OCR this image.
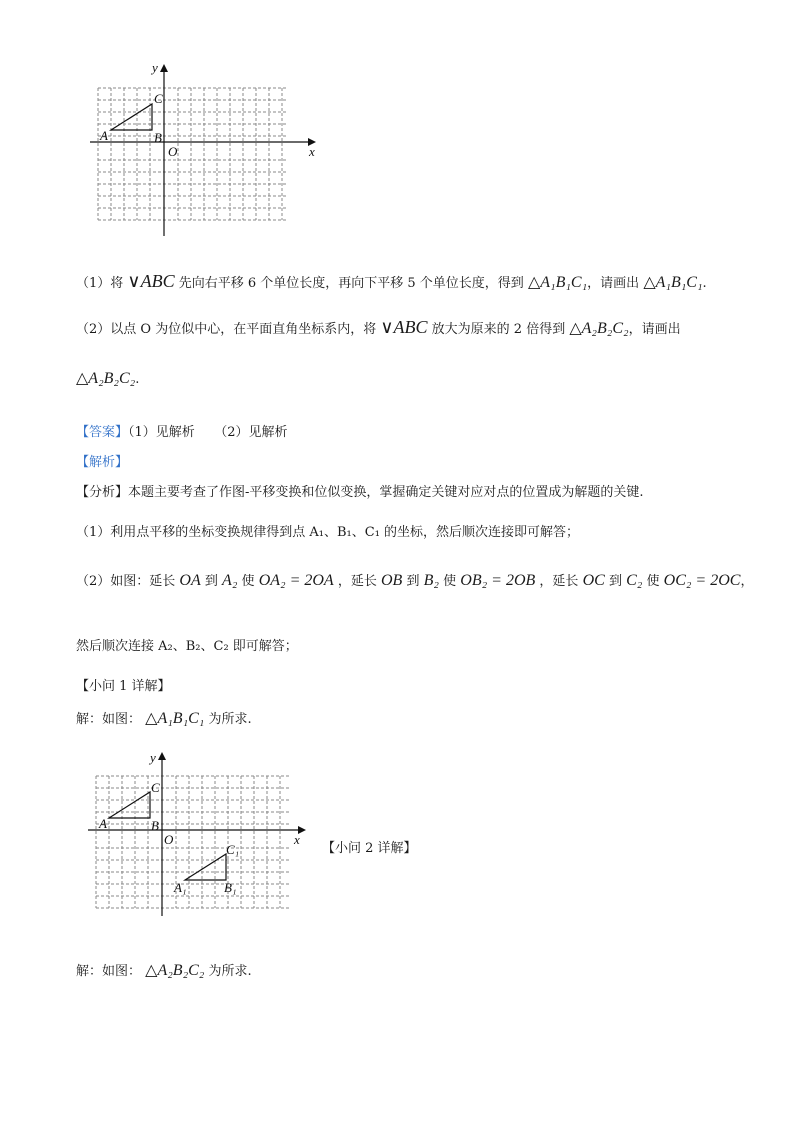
y
x
O
A	B
C
（1）将 ∨ABC 先向右平移 6 个单位长度，再向下平移 5 个单位长度，得到 △A₁B₁C₁，请画出 △A₁B₁C₁.
（2）以点 O 为位似中心，在平面直角坐标系内，将 ∨ABC 放大为原来的 2 倍得到 △A₂B₂C₂，请画出
△A₂B₂C₂.
【答案】（1）见解析　　（2）见解析
【解析】
【分析】本题主要考查了作图-平移变换和位似变换，掌握确定关键对应对点的位置成为解题的关键.
（1）利用点平移的坐标变换规律得到点 A₁、B₁、C₁ 的坐标，然后顺次连接即可解答；
（2）如图：延长 OA 到 A₂ 使 OA₂ = 2OA ，延长 OB 到 B₂ 使 OB₂ = 2OB ，延长 OC 到 C₂ 使 OC₂ = 2OC，
然后顺次连接 A₂、B₂、C₂ 即可解答；
【小问 1 详解】
解：如图： △A₁B₁C₁ 为所求.
y
x
O
A	B
C
A₁	B₁
C₁	【小问 2 详解】
解：如图： △A₂B₂C₂ 为所求.
